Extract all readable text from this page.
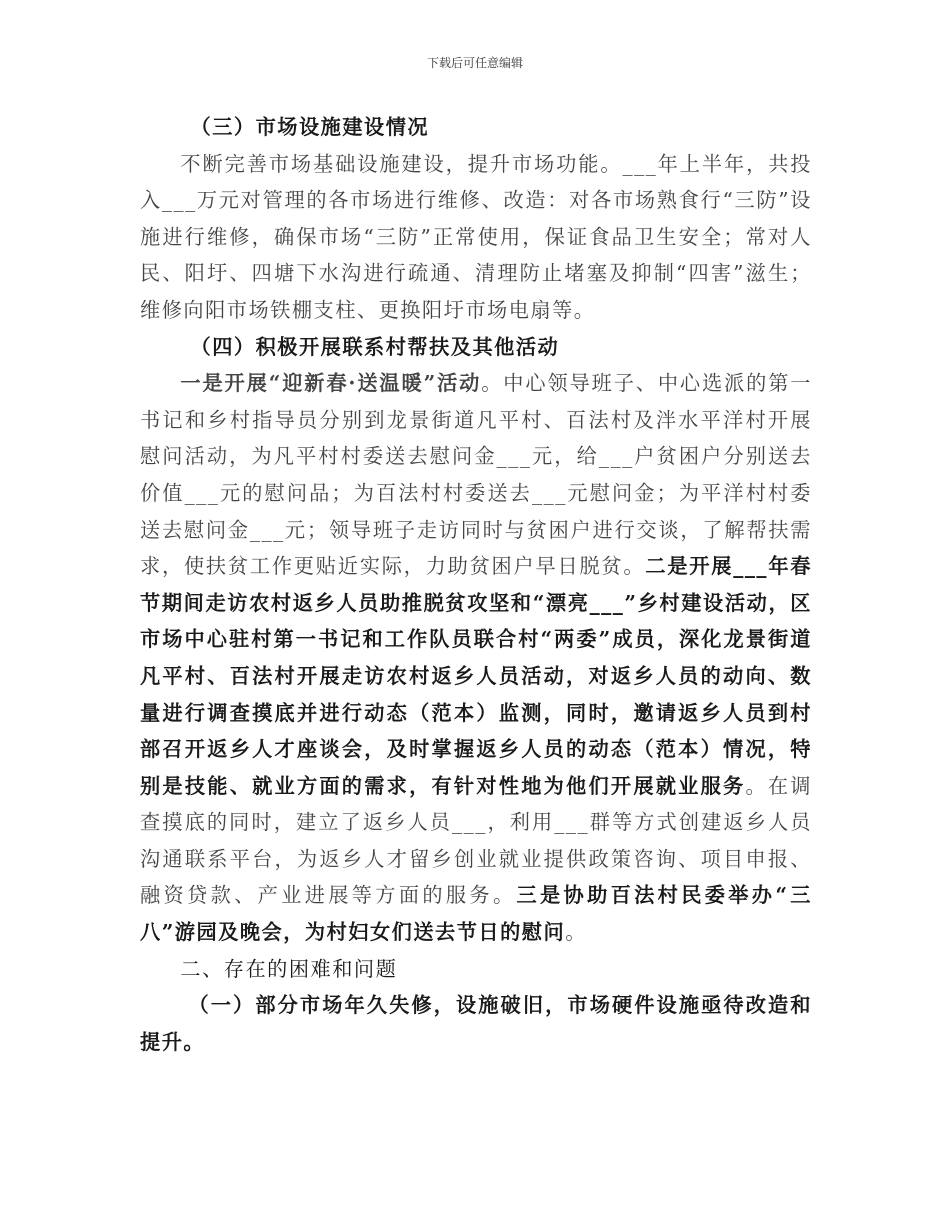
下载后可任意编辑

（三）市场设施建设情况

不断完善市场基础设施建设，提升市场功能。___年上半年，共投入___万元对管理的各市场进行维修、改造：对各市场熟食行“三防”设施进行维修，确保市场“三防”正常使用，保证食品卫生安全；常对人民、阳圩、四塘下水沟进行疏通、清理防止堵塞及抑制“四害”滋生；维修向阳市场铁棚支柱、更换阳圩市场电扇等。

（四）积极开展联系村帮扶及其他活动

一是开展“迎新春·送温暖”活动。中心领导班子、中心选派的第一书记和乡村指导员分别到龙景街道凡平村、百法村及泮水平洋村开展慰问活动，为凡平村村委送去慰问金___元，给___户贫困户分别送去价值___元的慰问品；为百法村村委送去___元慰问金；为平洋村村委送去慰问金___元；领导班子走访同时与贫困户进行交谈，了解帮扶需求，使扶贫工作更贴近实际，力助贫困户早日脱贫。二是开展___年春节期间走访农村返乡人员助推脱贫攻坚和“漂亮___”乡村建设活动，区市场中心驻村第一书记和工作队员联合村“两委”成员，深化龙景街道凡平村、百法村开展走访农村返乡人员活动，对返乡人员的动向、数量进行调查摸底并进行动态（范本）监测，同时，邀请返乡人员到村部召开返乡人才座谈会，及时掌握返乡人员的动态（范本）情况，特别是技能、就业方面的需求，有针对性地为他们开展就业服务。在调查摸底的同时，建立了返乡人员___，利用___群等方式创建返乡人员沟通联系平台，为返乡人才留乡创业就业提供政策咨询、项目申报、融资贷款、产业进展等方面的服务。三是协助百法村民委举办“三八”游园及晚会，为村妇女们送去节日的慰问。

二、存在的困难和问题

（一）部分市场年久失修，设施破旧，市场硬件设施亟待改造和提升。
